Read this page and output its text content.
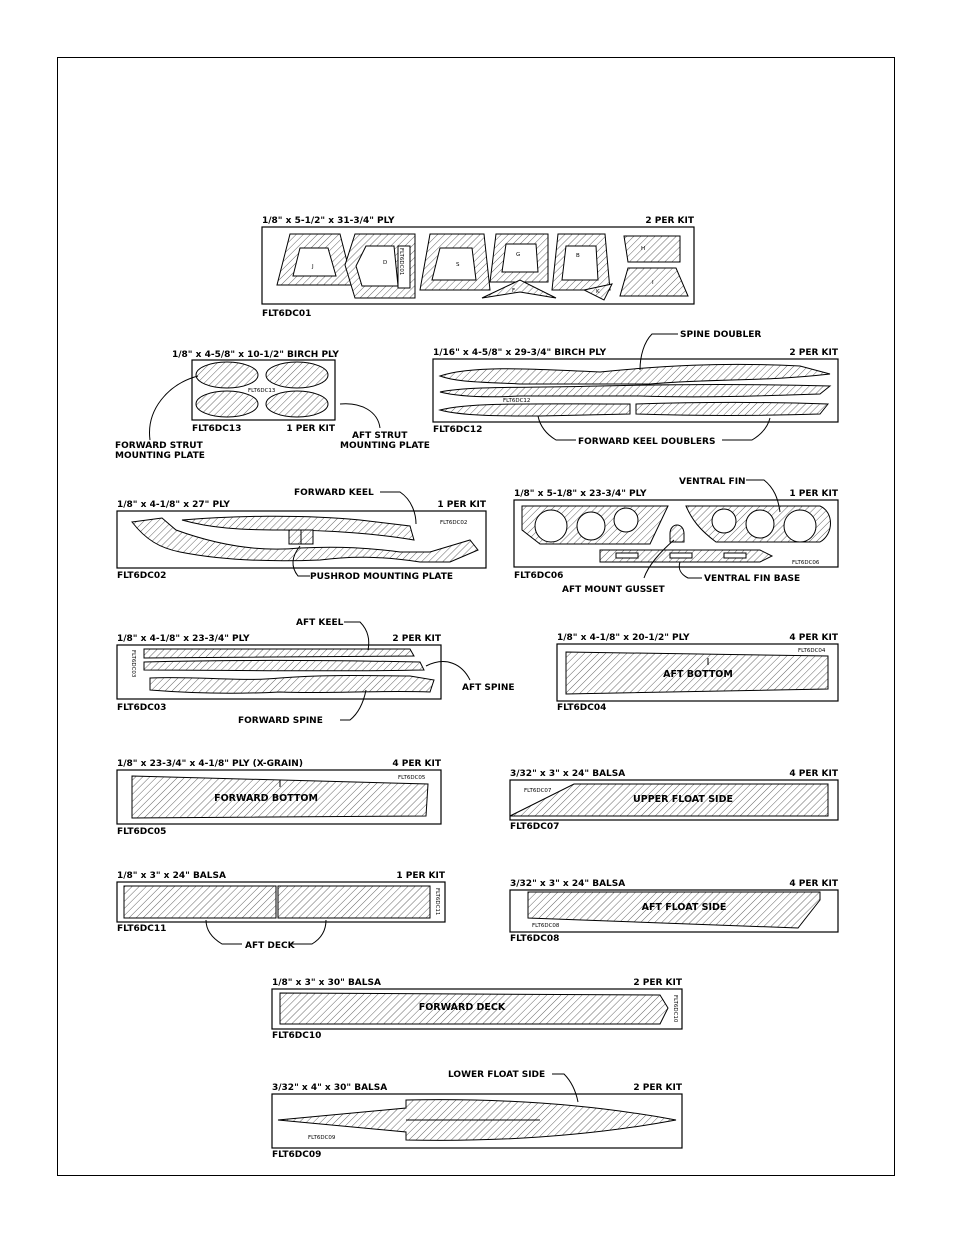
1/8" x 5-1/2" x 31-3/4" PLY	2 PER KIT
FLT6DC01
J
D	S
G	B
H
F	K
I
FLT6DC01
1/8" x 4-5/8" x 10-1/2" BIRCH PLY
FLT6DC13
FLT6DC13	1 PER KIT
FORWARD STRUT
MOUNTING PLATE
AFT STRUT
MOUNTING PLATE
1/16" x 4-5/8" x 29-3/4" BIRCH PLY	2 PER KIT
FLT6DC12
FLT6DC12
SPINE DOUBLER
FORWARD KEEL DOUBLERS
1/8" x 4-1/8" x 27" PLY	1 PER KIT
FLT6DC02
FLT6DC02
FORWARD KEEL
PUSHROD MOUNTING PLATE
1/8" x 5-1/8" x 23-3/4" PLY	1 PER KIT
FLT6DC06
FLT6DC06
VENTRAL FIN
VENTRAL FIN BASE
AFT MOUNT GUSSET
1/8" x 4-1/8" x 23-3/4" PLY	2 PER KIT
FLT6DC03
FLT6DC03
AFT KEEL
AFT SPINE
FORWARD SPINE
1/8" x 4-1/8" x 20-1/2" PLY	4 PER KIT
AFT BOTTOM
FLT6DC04
FLT6DC04
1/8" x 23-3/4" x 4-1/8" PLY (X-GRAIN)	4 PER KIT
FORWARD BOTTOM
FLT6DC05
FLT6DC05
3/32" x 3" x 24" BALSA	4 PER KIT
UPPER FLOAT SIDE
FLT6DC07
FLT6DC07
1/8" x 3" x 24" BALSA	1 PER KIT
FLT6DC11
FLT6DC11
AFT DECK
3/32" x 3" x 24" BALSA	4 PER KIT
AFT FLOAT SIDE
FLT6DC08
FLT6DC08
1/8" x 3" x 30" BALSA	2 PER KIT
FORWARD DECK	FLT6DC10
FLT6DC10
3/32" x 4" x 30" BALSA	2 PER KIT
FLT6DC09
FLT6DC09
LOWER FLOAT SIDE
